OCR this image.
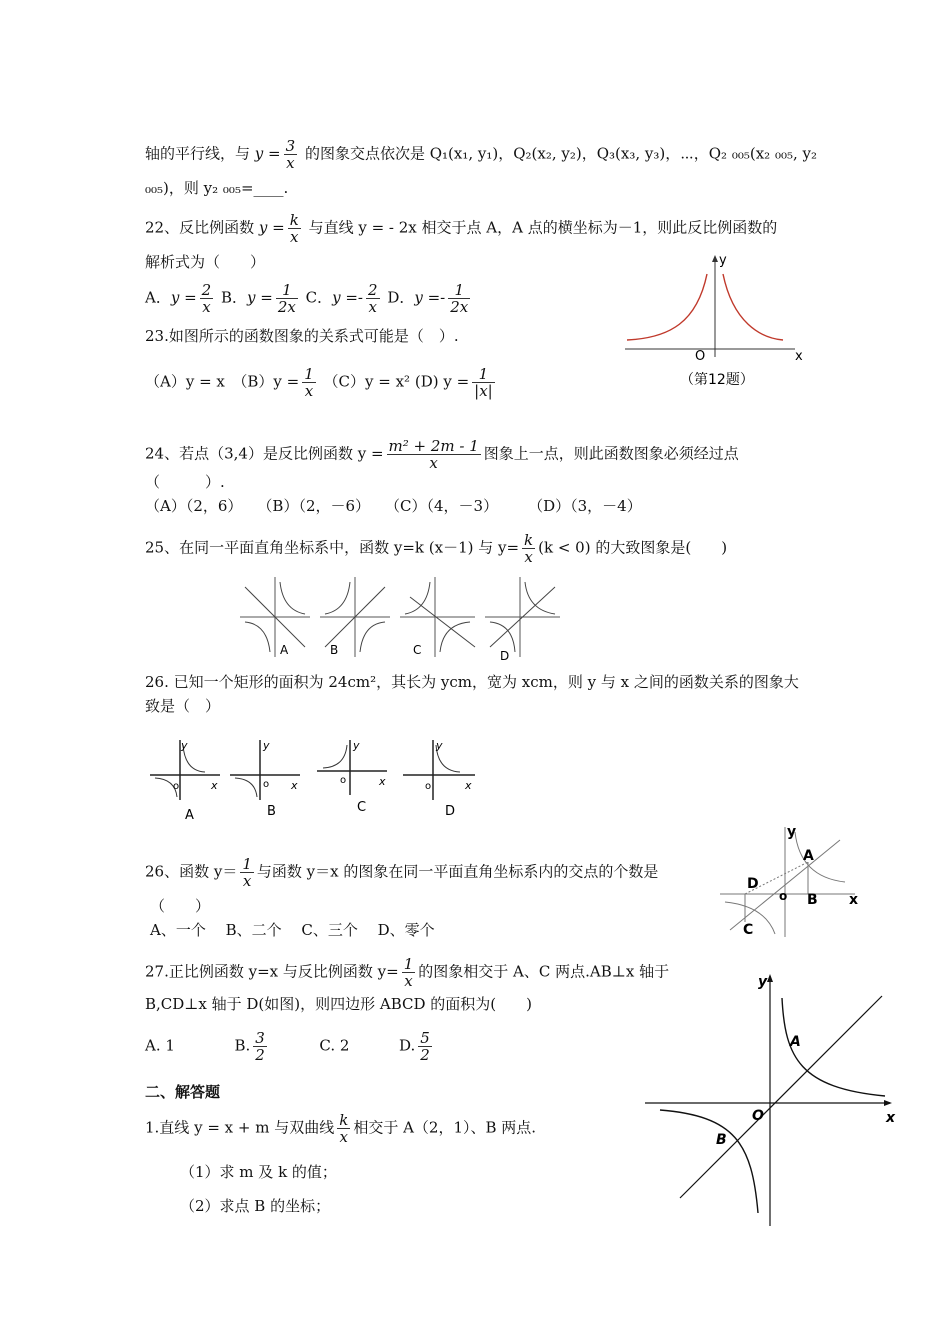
轴的平行线，与 $y = \frac{3}{x}$ 的图象交点依次是 Q₁(x₁, y₁)，Q₂(x₂, y₂)，Q₃(x₃, y₃)，⋯，Q₂ ₀₀₅(x₂ ₀₀₅, y₂
₀₀₅)，则 y₂ ₀₀₅=____.
22、反比例函数 $y = \frac{k}{x}$ 与直线 y = - 2x 相交于点 A，A 点的横坐标为－1，则此反比例函数的
解析式为（　　）
A．$y = \frac{2}{x}$ B．$y = \frac{1}{2x}$ C．$y =- \frac{2}{x}$ D．$y =- \frac{1}{2x}$
23.如图所示的函数图象的关系式可能是（　）.
（A）y = x　$(B)y = \frac{1}{x} (C)y = x^2$ (D) $y = \frac{1}{|x|}$
y
x
O
（第12题）
24、若点（3,4）是反比例函数 $y = \frac{\text{m² + 2m - 1}}{x}$ 图象上一点，则此函数图象必须经过点
（　　　）.
（A）（2，6）　　（B）（2，－6）　　（C）（4，－3）　　　（D）（3，－4）
25、在同一平面直角坐标系中，函数 y=k (x－1) 与 $y= \frac{k}{x} (k < 0)$ 的大致图象是(　　)
A	B	C	D
26. 已知一个矩形的面积为 24cm²，其长为 ycm，宽为 xcm，则 y 与 x 之间的函数关系的图象大
致是（　）
y
x
o
A
y
x
o
B
y
x
o
C
y
x
o
D
26、函数 $y= \frac{1}{x}$ 与函数 y＝x 的图象在同一平面直角坐标系内的交点的个数是
（　　）
A、一个　 B、二个　 C、三个　 D、零个
y
A
D
o B x
C
27.正比例函数 y=x 与反比例函数 $y= \frac{1}{x}$ 的图象相交于 A、C 两点.AB⊥x 轴于
B,CD⊥x 轴于 D(如图)，则四边形 ABCD 的面积为(　　)
A. 1	B. $\frac{3}{2}$	C. 2	D. $\frac{5}{2}$
二、解答题
1.直线 y = x + m 与双曲线 $\frac{k}{x}$ 相交于 A（2，1）、B 两点.
（1）求 m 及 k 的值；
（2）求点 B 的坐标；
y
A
O	x
B
